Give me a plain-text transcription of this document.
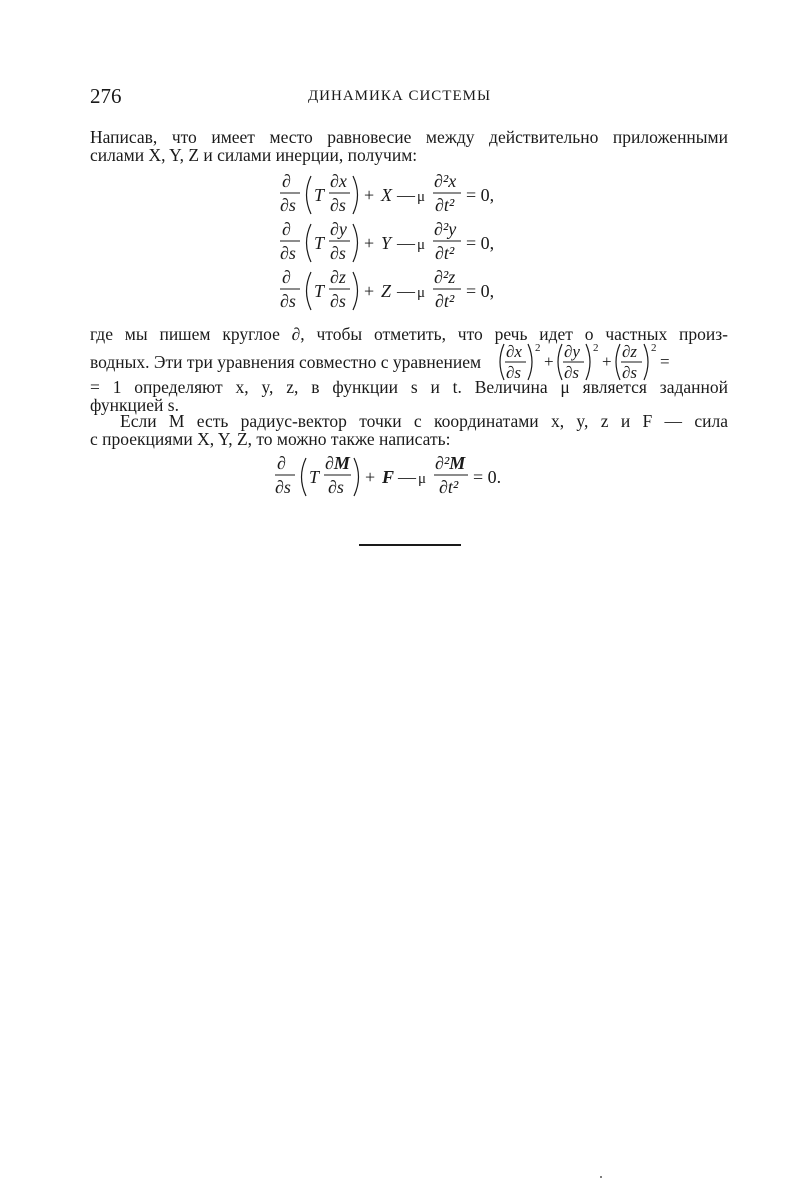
276	ДИНАМИКА СИСТЕМЫ
Написав, что имеет место равновесие между действительно приложенными
силами X, Y, Z и силами инерции, получим:
∂
∂s T
∂x
∂s + X — μ
∂²x
∂t² = 0,
∂
∂s T
∂y
∂s + Y — μ
∂²y
∂t² = 0,
∂
∂s T
∂z
∂s + Z — μ
∂²z
∂t² = 0,
где мы пишем круглое ∂, чтобы отметить, что речь идет о частных произ-
водных. Эти три уравнения совместно с уравнением
∂x
∂s
2
+
∂y
∂s
2
+
∂z
∂s
2
=
= 1 определяют x, y, z, в функции s и t. Величина μ является заданной
функцией s.
Если M есть радиус-вектор точки с координатами x, y, z и F — сила
с проекциями X, Y, Z, то можно также написать:
∂
∂s T
∂M
∂s + F — μ
∂²M
∂t² = 0.
